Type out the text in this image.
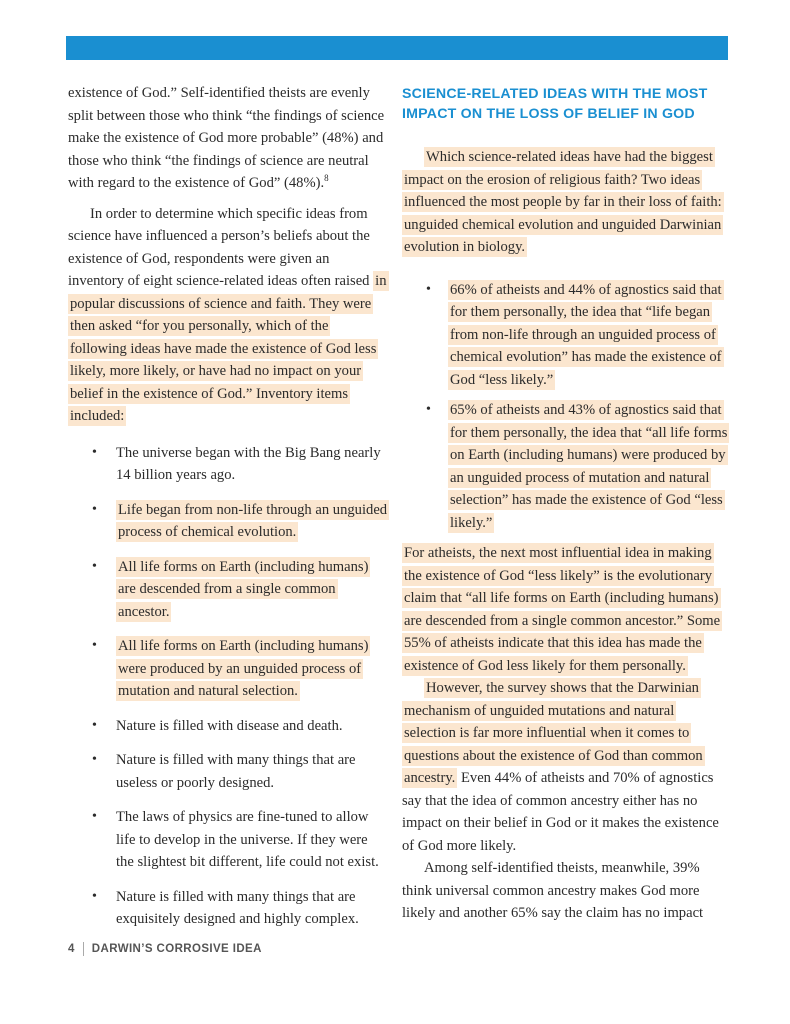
existence of God.” Self-identified theists are evenly split between those who think “the findings of science make the existence of God more probable” (48%) and those who think “the findings of science are neutral with regard to the existence of God” (48%).$^8$

In order to determine which specific ideas from science have influenced a person’s beliefs about the existence of God, respondents were given an inventory of eight science-related ideas often raised in popular discussions of science and faith. They were then asked “for you personally, which of the following ideas have made the existence of God less likely, more likely, or have had no impact on your belief in the existence of God.” Inventory items included:

• The universe began with the Big Bang nearly 14 billion years ago.
• Life began from non-life through an unguided process of chemical evolution.
• All life forms on Earth (including humans) are descended from a single common ancestor.
• All life forms on Earth (including humans) were produced by an unguided process of mutation and natural selection.
• Nature is filled with disease and death.
• Nature is filled with many things that are useless or poorly designed.
• The laws of physics are fine-tuned to allow life to develop in the universe. If they were the slightest bit different, life could not exist.
• Nature is filled with many things that are exquisitely designed and highly complex.
SCIENCE-RELATED IDEAS WITH THE MOST IMPACT ON THE LOSS OF BELIEF IN GOD

Which science-related ideas have had the biggest impact on the erosion of religious faith? Two ideas influenced the most people by far in their loss of faith: unguided chemical evolution and unguided Darwinian evolution in biology.

• 66% of atheists and 44% of agnostics said that for them personally, the idea that “life began from non-life through an unguided process of chemical evolution” has made the existence of God “less likely.”
• 65% of atheists and 43% of agnostics said that for them personally, the idea that “all life forms on Earth (including humans) were produced by an unguided process of mutation and natural selection” has made the existence of God “less likely.”

For atheists, the next most influential idea in making the existence of God “less likely” is the evolutionary claim that “all life forms on Earth (including humans) are descended from a single common ancestor.” Some 55% of atheists indicate that this idea has made the existence of God less likely for them personally.

However, the survey shows that the Darwinian mechanism of unguided mutations and natural selection is far more influential when it comes to questions about the existence of God than common ancestry. Even 44% of atheists and 70% of agnostics say that the idea of common ancestry either has no impact on their belief in God or it makes the existence of God more likely.

Among self-identified theists, meanwhile, 39% think universal common ancestry makes God more likely and another 65% say the claim has no impact

4 DARWIN’S CORROSIVE IDEA
